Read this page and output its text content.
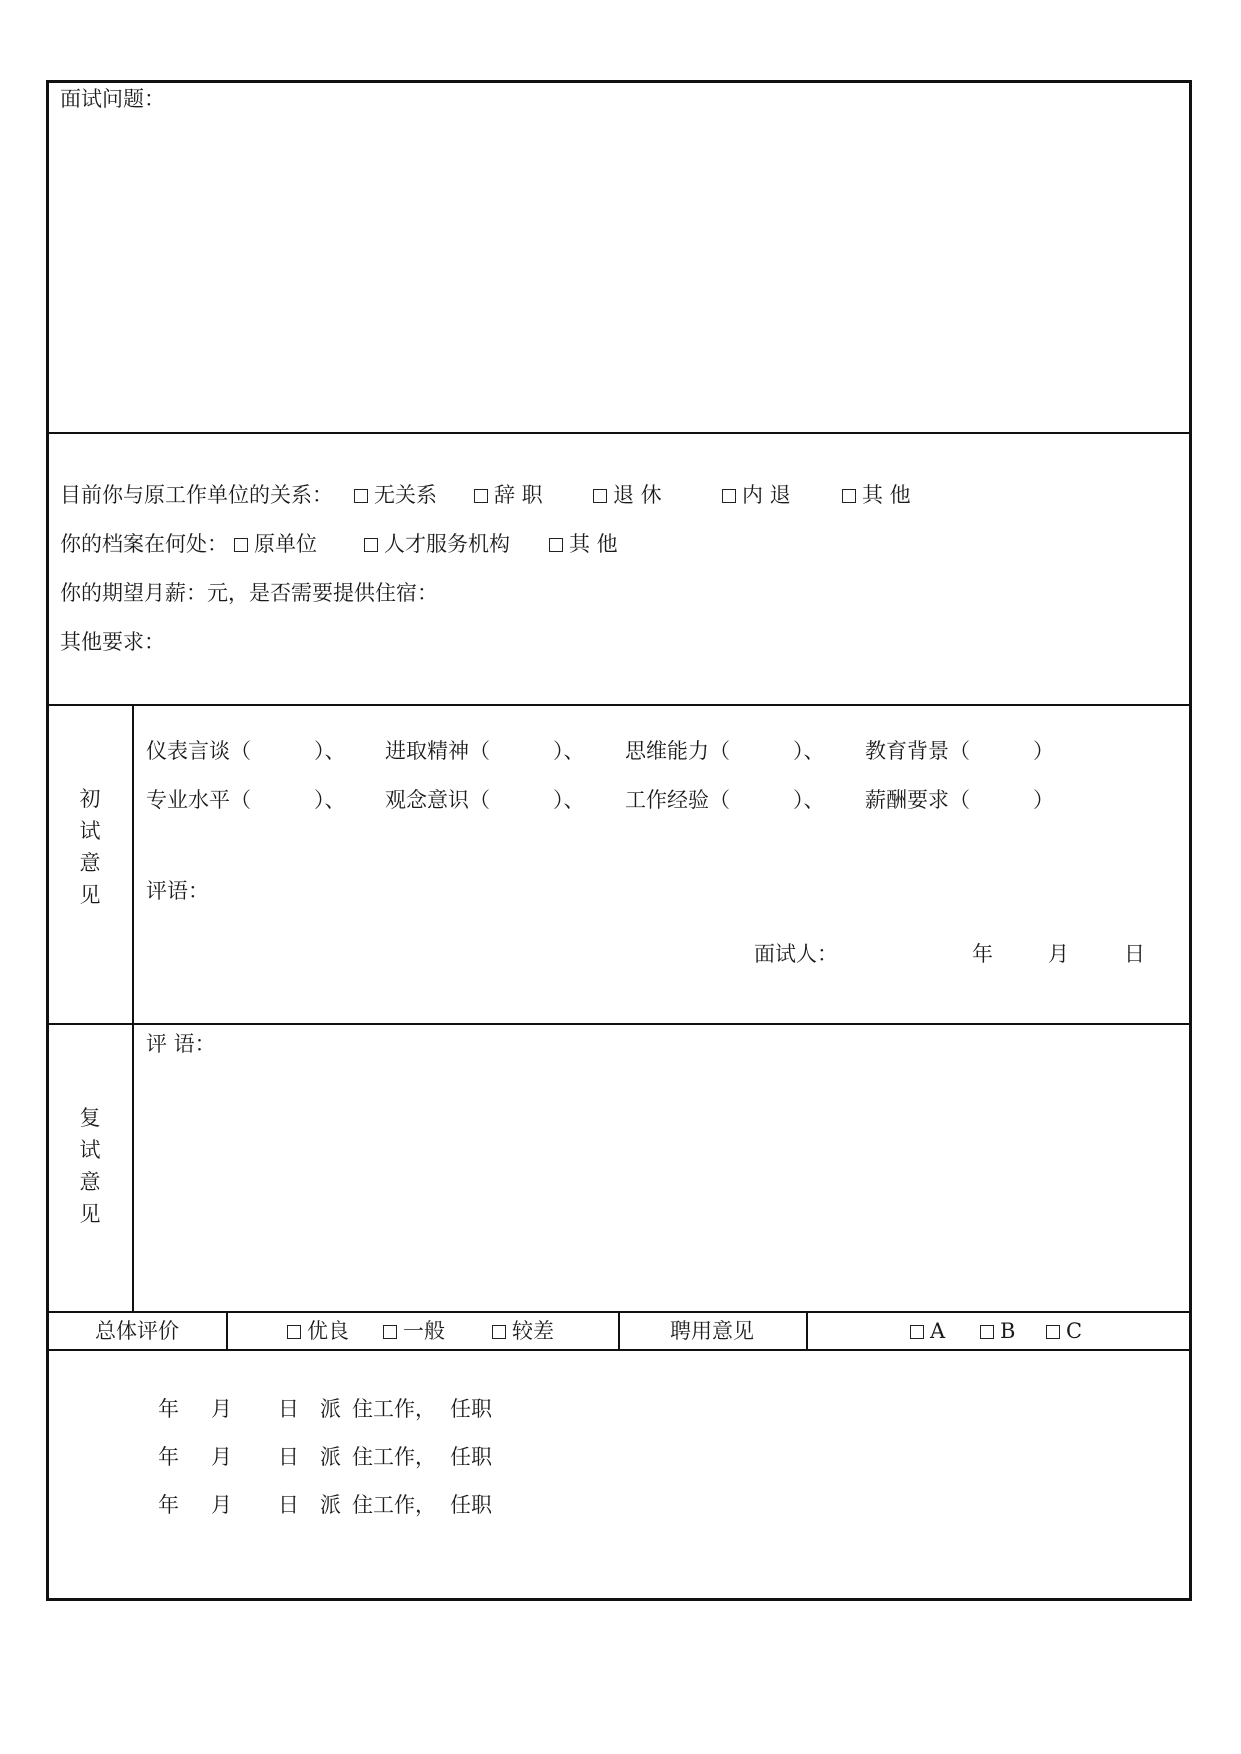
面试问题：
目前你与原工作单位的关系：	无关系	辞 职	退 休	内 退	其 他
你的档案在何处：	原单位	人才服务机构	其 他
你的期望月薪：元，是否需要提供住宿：
其他要求：
初
试
意
见
仪表言谈（　　　）、 进取精神（　　　）、 思维能力（　　　）、 教育背景（　　　）
专业水平（　　　）、 观念意识（　　　）、 工作经验（　　　）、 薪酬要求（　　　）
评语：
面试人：	年	月	日
复
试
意
见
评 语：
总体评价	优良	一般	较差	聘用意见	A	B	C
年 月 日 派 住工作， 任职
年 月 日 派 住工作， 任职
年 月 日 派 住工作， 任职
